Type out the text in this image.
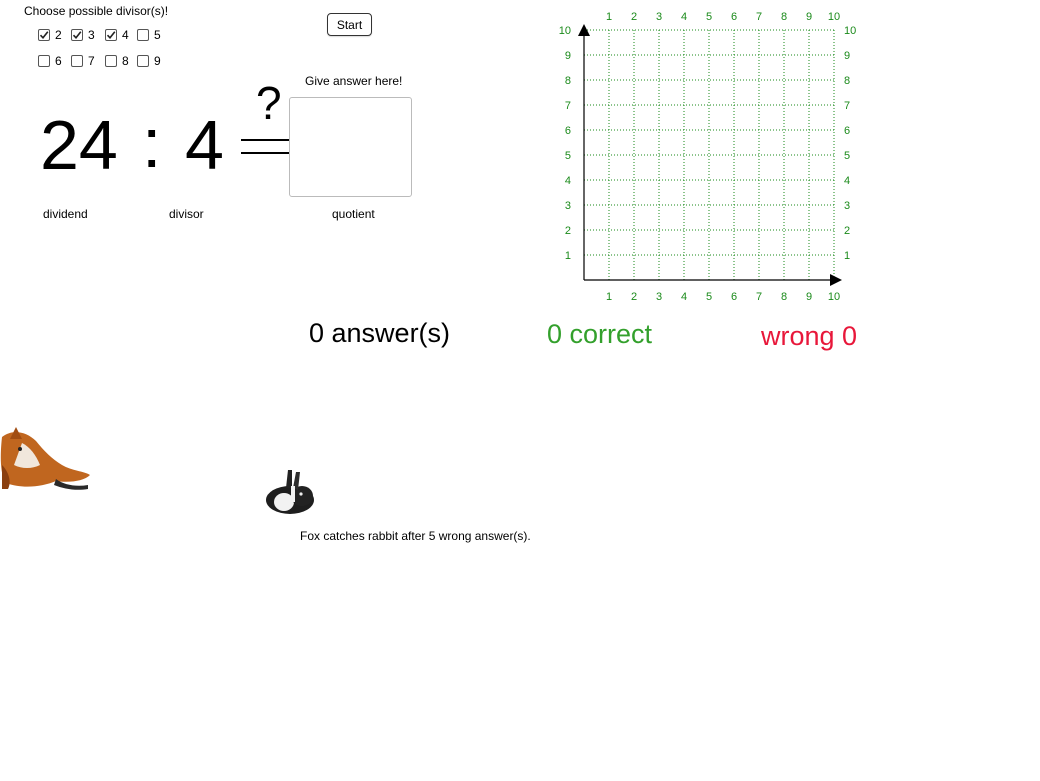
Choose possible divisor(s)!
2 3 4 5
6 7 8 9
Start
Give answer here!
24 : 4
?
dividend	divisor	quotient
1
1
2
2
3
3
4
4
5
5
6
6
7
7
8
8
9
9
10
10
1	1
2	2
3	3
4	4
5	5
6	6
7	7
8	8
9	9
10	10
0 answer(s)	0 correct	wrong 0
Fox catches rabbit after 5 wrong answer(s).
